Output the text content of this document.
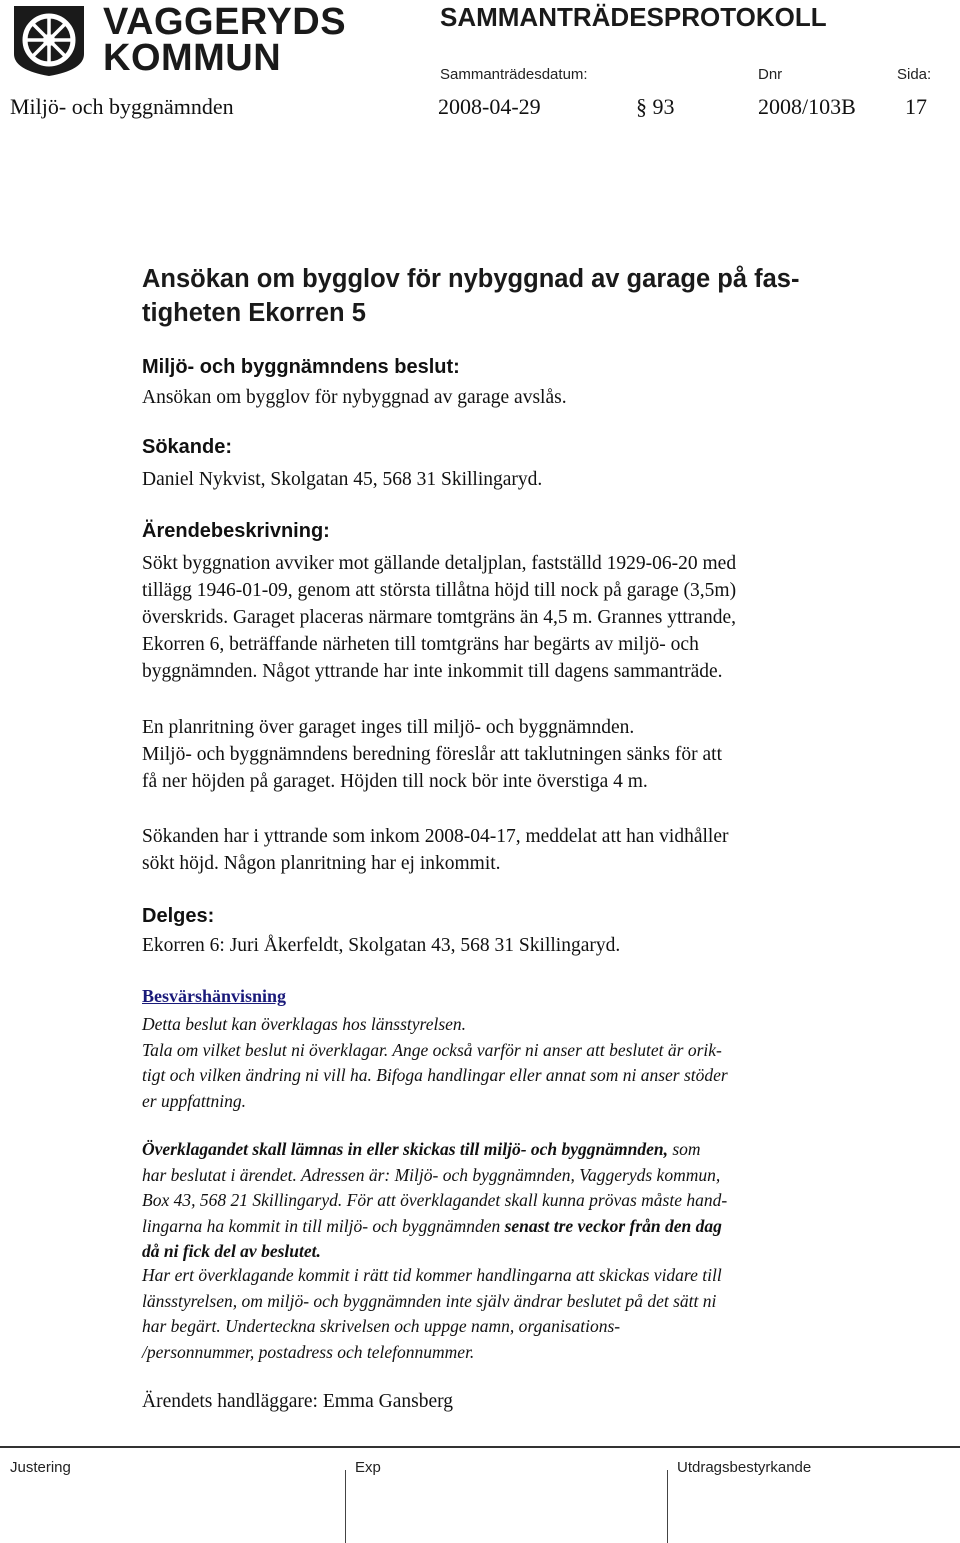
VAGGERYDS
KOMMUN
SAMMANTRÄDESPROTOKOLL
Sammanträdesdatum:	Dnr	Sida:
Miljö- och byggnämnden	2008-04-29	§ 93	2008/103B 17
Ansökan om bygglov för nybyggnad av garage på fas-
tigheten Ekorren 5
Miljö- och byggnämndens beslut:
Ansökan om bygglov för nybyggnad av garage avslås.
Sökande:
Daniel Nykvist, Skolgatan 45, 568 31 Skillingaryd.
Ärendebeskrivning:
Sökt byggnation avviker mot gällande detaljplan, fastställd 1929-06-20 med
tillägg 1946-01-09, genom att största tillåtna höjd till nock på garage (3,5m)
överskrids. Garaget placeras närmare tomtgräns än 4,5 m. Grannes yttrande,
Ekorren 6, beträffande närheten till tomtgräns har begärts av miljö- och
byggnämnden. Något yttrande har inte inkommit till dagens sammanträde.
En planritning över garaget inges till miljö- och byggnämnden.
Miljö- och byggnämndens beredning föreslår att taklutningen sänks för att
få ner höjden på garaget. Höjden till nock bör inte överstiga 4 m.
Sökanden har i yttrande som inkom 2008-04-17, meddelat att han vidhåller
sökt höjd. Någon planritning har ej inkommit.
Delges:
Ekorren 6: Juri Åkerfeldt, Skolgatan 43, 568 31 Skillingaryd.
Besvärshänvisning
Detta beslut kan överklagas hos länsstyrelsen.
Tala om vilket beslut ni överklagar. Ange också varför ni anser att beslutet är orik-
tigt och vilken ändring ni vill ha. Bifoga handlingar eller annat som ni anser stöder
er uppfattning.
Överklagandet skall lämnas in eller skickas till miljö- och byggnämnden, som
har beslutat i ärendet. Adressen är: Miljö- och byggnämnden, Vaggeryds kommun,
Box 43, 568 21 Skillingaryd. För att överklagandet skall kunna prövas måste hand-
lingarna ha kommit in till miljö- och byggnämnden senast tre veckor från den dag
då ni fick del av beslutet.
Har ert överklagande kommit i rätt tid kommer handlingarna att skickas vidare till
länsstyrelsen, om miljö- och byggnämnden inte själv ändrar beslutet på det sätt ni
har begärt. Underteckna skrivelsen och uppge namn, organisations-
/personnummer, postadress och telefonnummer.
Ärendets handläggare: Emma Gansberg
Justering	Exp	Utdragsbestyrkande
